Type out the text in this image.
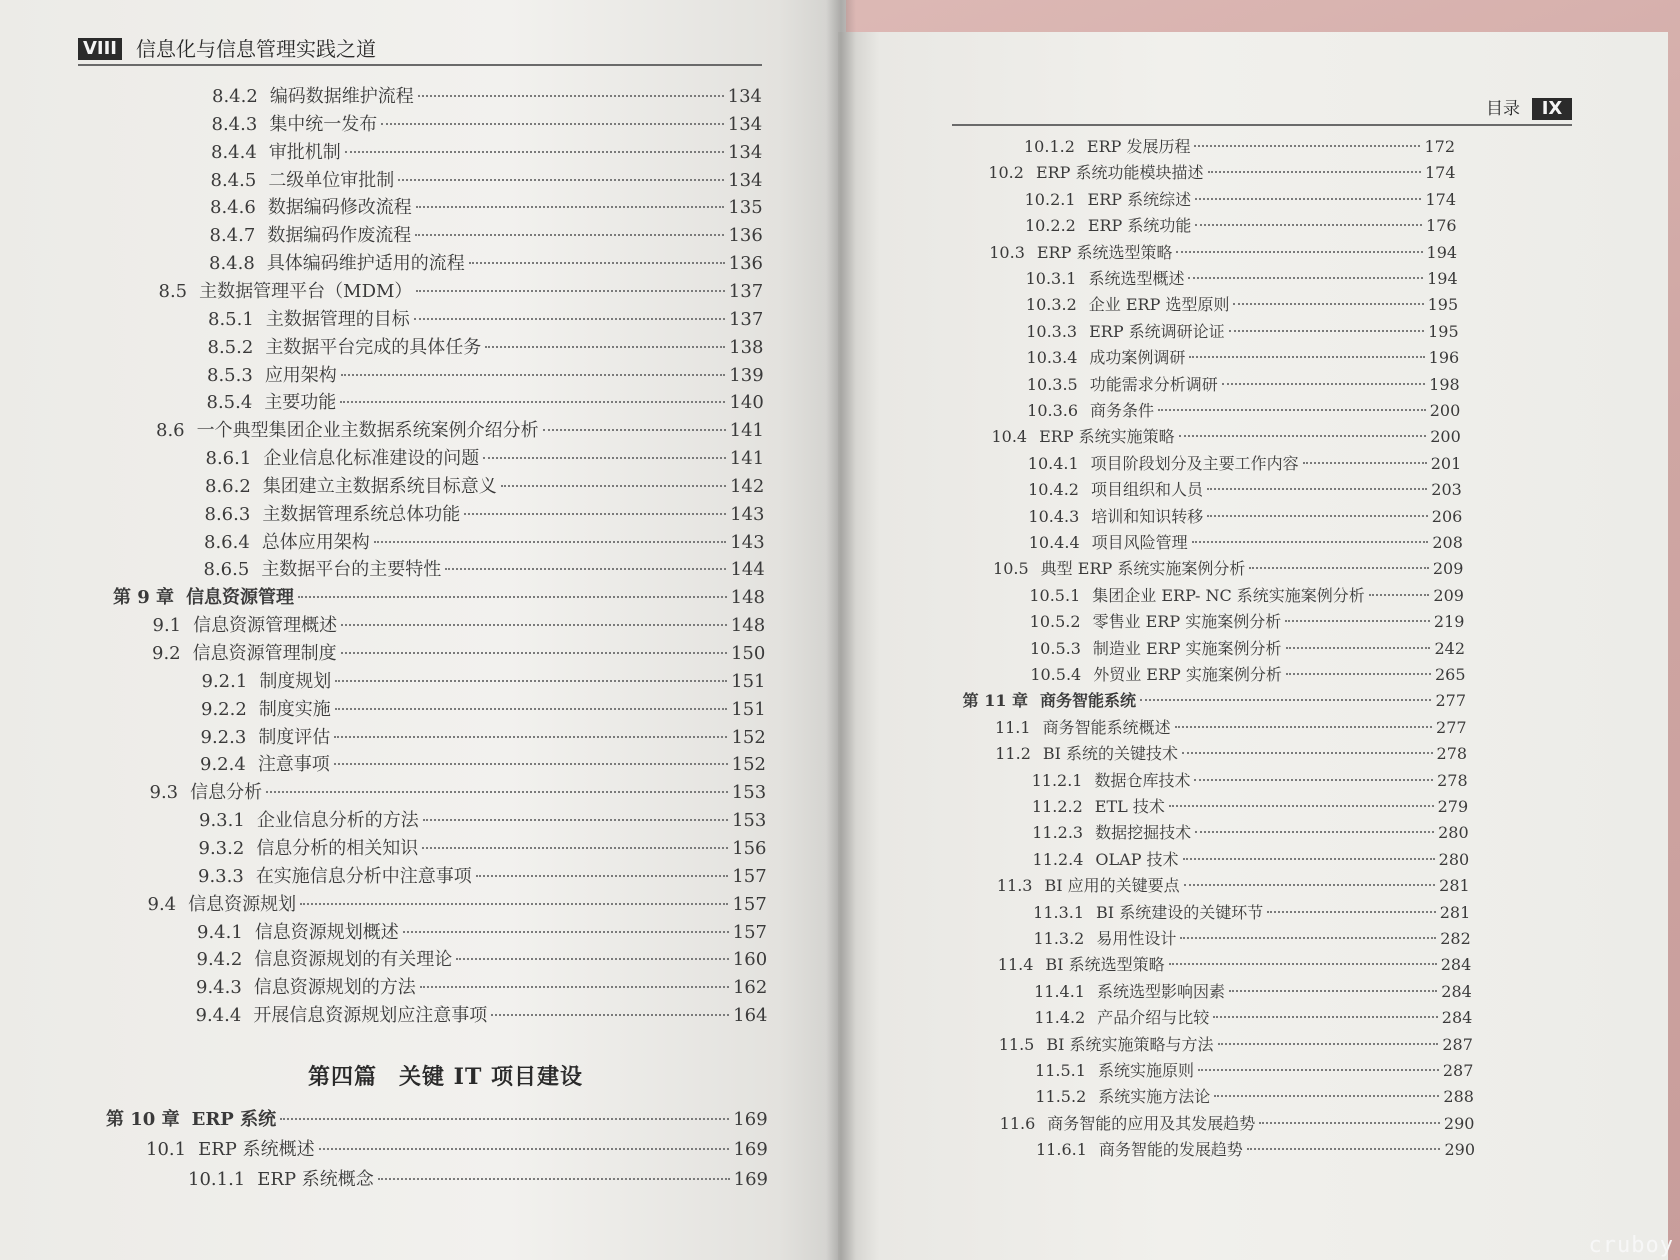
VIII 信息化与信息管理实践之道
8.4.2 编码数据维护流程	134
8.4.3 集中统一发布	134
8.4.4 审批机制	134
8.4.5 二级单位审批制	134
8.4.6 数据编码修改流程	135
8.4.7 数据编码作废流程	136
8.4.8 具体编码维护适用的流程	136
8.5 主数据管理平台（MDM）	137
8.5.1 主数据管理的目标	137
8.5.2 主数据平台完成的具体任务	138
8.5.3 应用架构	139
8.5.4 主要功能	140
8.6 一个典型集团企业主数据系统案例介绍分析	141
8.6.1 企业信息化标准建设的问题	141
8.6.2 集团建立主数据系统目标意义	142
8.6.3 主数据管理系统总体功能	143
8.6.4 总体应用架构	143
8.6.5 主数据平台的主要特性	144
第 9 章 信息资源管理	148
9.1 信息资源管理概述	148
9.2 信息资源管理制度	150
9.2.1 制度规划	151
9.2.2 制度实施	151
9.2.3 制度评估	152
9.2.4 注意事项	152
9.3 信息分析	153
9.3.1 企业信息分析的方法	153
9.3.2 信息分析的相关知识	156
9.3.3 在实施信息分析中注意事项	157
9.4 信息资源规划	157
9.4.1 信息资源规划概述	157
9.4.2 信息资源规划的有关理论	160
9.4.3 信息资源规划的方法	162
9.4.4 开展信息资源规划应注意事项	164
第 10 章 ERP 系统	169
10.1 ERP 系统概述	169
10.1.1 ERP 系统概念	169
第四篇 关键 IT 项目建设
目录	IX
10.1.2 ERP 发展历程	172
10.2 ERP 系统功能模块描述	174
10.2.1 ERP 系统综述	174
10.2.2 ERP 系统功能	176
10.3 ERP 系统选型策略	194
10.3.1 系统选型概述	194
10.3.2 企业 ERP 选型原则	195
10.3.3 ERP 系统调研论证	195
10.3.4 成功案例调研	196
10.3.5 功能需求分析调研	198
10.3.6 商务条件	200
10.4 ERP 系统实施策略	200
10.4.1 项目阶段划分及主要工作内容	201
10.4.2 项目组织和人员	203
10.4.3 培训和知识转移	206
10.4.4 项目风险管理	208
10.5 典型 ERP 系统实施案例分析	209
10.5.1 集团企业 ERP- NC 系统实施案例分析	209
10.5.2 零售业 ERP 实施案例分析	219
10.5.3 制造业 ERP 实施案例分析	242
10.5.4 外贸业 ERP 实施案例分析	265
第 11 章 商务智能系统	277
11.1 商务智能系统概述	277
11.2 BI 系统的关键技术	278
11.2.1 数据仓库技术	278
11.2.2 ETL 技术	279
11.2.3 数据挖掘技术	280
11.2.4 OLAP 技术	280
11.3 BI 应用的关键要点	281
11.3.1 BI 系统建设的关键环节	281
11.3.2 易用性设计	282
11.4 BI 系统选型策略	284
11.4.1 系统选型影响因素	284
11.4.2 产品介绍与比较	284
11.5 BI 系统实施策略与方法	287
11.5.1 系统实施原则	287
11.5.2 系统实施方法论	288
11.6 商务智能的应用及其发展趋势	290
11.6.1 商务智能的发展趋势	290
cruboy
